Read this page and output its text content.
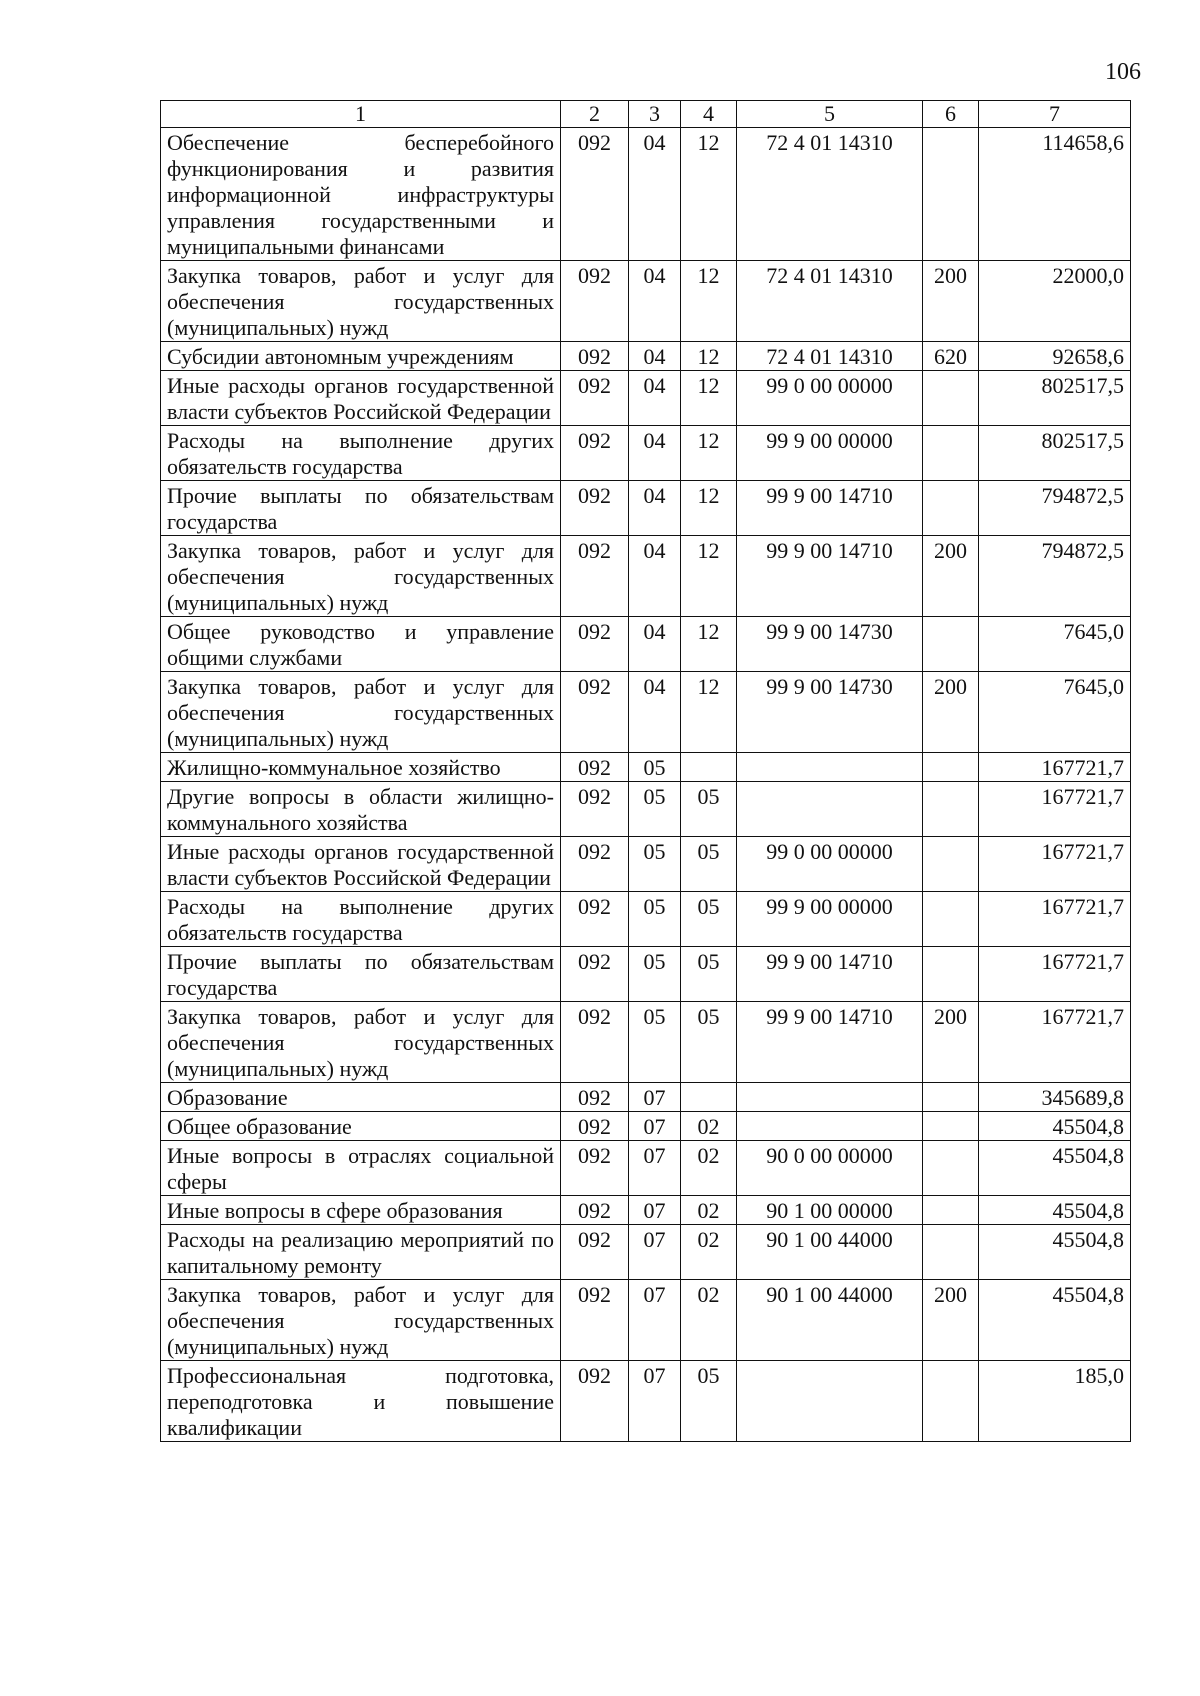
106
1	2	3	4	5	6	7
Обеспечение бесперебойного функционирования и развития информационной инфраструктуры управления государственными и муниципальными финансами	092	04	12	72 4 01 14310		114658,6
Закупка товаров, работ и услуг для обеспечения государственных (муниципальных) нужд	092	04	12	72 4 01 14310	200	22000,0
Субсидии автономным учреждениям	092	04	12	72 4 01 14310	620	92658,6
Иные расходы органов государственной власти субъектов Российской Федерации	092	04	12	99 0 00 00000		802517,5
Расходы на выполнение других обязательств государства	092	04	12	99 9 00 00000		802517,5
Прочие выплаты по обязательствам государства	092	04	12	99 9 00 14710		794872,5
Закупка товаров, работ и услуг для обеспечения государственных (муниципальных) нужд	092	04	12	99 9 00 14710	200	794872,5
Общее руководство и управление общими службами	092	04	12	99 9 00 14730		7645,0
Закупка товаров, работ и услуг для обеспечения государственных (муниципальных) нужд	092	04	12	99 9 00 14730	200	7645,0
Жилищно-коммунальное хозяйство	092	05				167721,7
Другие вопросы в области жилищно-коммунального хозяйства	092	05	05			167721,7
Иные расходы органов государственной власти субъектов Российской Федерации	092	05	05	99 0 00 00000		167721,7
Расходы на выполнение других обязательств государства	092	05	05	99 9 00 00000		167721,7
Прочие выплаты по обязательствам государства	092	05	05	99 9 00 14710		167721,7
Закупка товаров, работ и услуг для обеспечения государственных (муниципальных) нужд	092	05	05	99 9 00 14710	200	167721,7
Образование	092	07				345689,8
Общее образование	092	07	02			45504,8
Иные вопросы в отраслях социальной сферы	092	07	02	90 0 00 00000		45504,8
Иные вопросы в сфере образования	092	07	02	90 1 00 00000		45504,8
Расходы на реализацию мероприятий по капитальному ремонту	092	07	02	90 1 00 44000		45504,8
Закупка товаров, работ и услуг для обеспечения государственных (муниципальных) нужд	092	07	02	90 1 00 44000	200	45504,8
Профессиональная подготовка, переподготовка и повышение квалификации	092	07	05			185,0
